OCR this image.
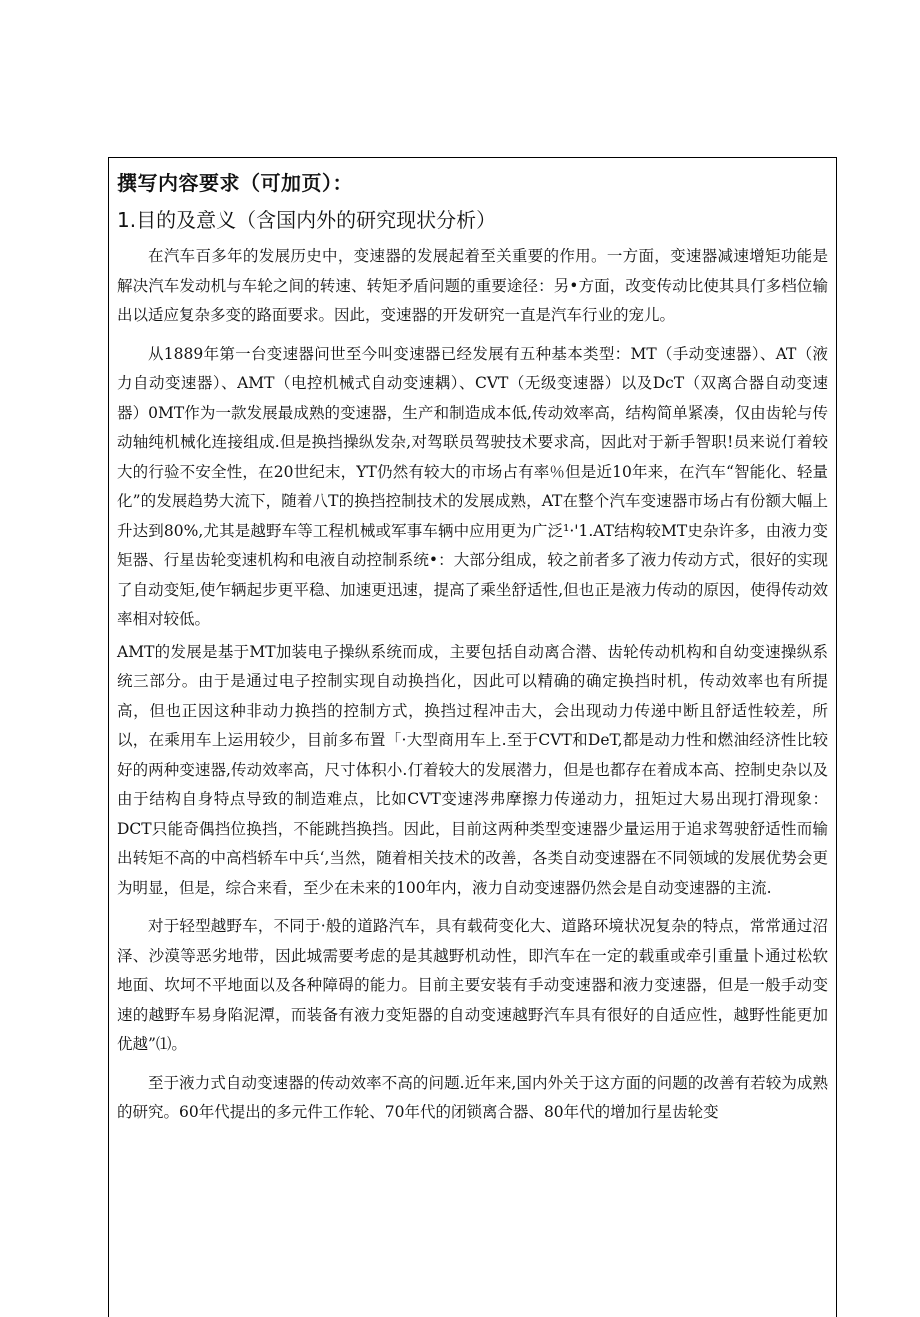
撰写内容要求（可加页）：
1.目的及意义（含国内外的研究现状分析）

在汽车百多年的发展历史中，变速器的发展起着至关重要的作用。一方面，变速器减速增矩功能是解决汽车发动机与车轮之间的转速、转矩矛盾问题的重要途径：另•方面，改变传动比使其具仃多档位输出以适应复杂多变的路面要求。因此，变速器的开发研究一直是汽车行业的宠儿。

从1889年第一台变速器问世至今叫变速器已经发展有五种基本类型：MT（手动变速器）、AT（液力自动变速器）、AMT（电控机械式自动变速耦）、CVT（无级变速器）以及DcT（双离合器自动变速器）0MT作为一款发展最成熟的变速器，生产和制造成本低,传动效率高，结构简单紧凑，仅由齿轮与传动轴纯机械化连接组成.但是换挡操纵发杂,对驾联员驾驶技术要求高，因此对于新手智职!员来说仃着较大的行验不安全性，在20世纪末，YT仍然有较大的市场占有率％但是近10年来，在汽车“智能化、轻量化”的发展趋势大流下，随着八T的换挡控制技术的发展成熟，AT在整个汽车变速器市场占有份额大幅上升达到80%,尤其是越野车等工程机械或军事车辆中应用更为广泛¹·'1.AT结构较MT史杂许多，由液力变矩器、行星齿轮变速机构和电液自动控制系统•：大部分组成，较之前者多了液力传动方式，很好的实现了自动变矩,使乍辆起步更平稳、加速更迅速，提高了乘坐舒适性,但也正是液力传动的原因，使得传动效率相对较低。

AMT的发展是基于MT加装电子操纵系统而成，主要包括自动离合潜、齿轮传动机构和自幼变速操纵系统三部分。由于是通过电子控制实现自动换挡化，因此可以精确的确定换挡时机，传动效率也有所提高，但也正因这种非动力换挡的控制方式，换挡过程冲击大，会出现动力传递中断且舒适性较差，所以，在乘用车上运用较少，目前多布置「·大型商用车上.至于CVT和DeT,都是动力性和燃油经济性比较好的两种变速器,传动效率高，尺寸体积小.仃着较大的发展潜力，但是也都存在着成本高、控制史杂以及由于结构自身特点导致的制造难点，比如CVT变速涔弗摩擦力传递动力，扭矩过大易出现打滑现象：DCT只能奇偶挡位换挡，不能跳挡换挡。因此，目前这两种类型变速器少量运用于追求驾驶舒适性而输出转矩不高的中高档轿车中兵‘,当然，随着相关技术的改善，各类自动变速器在不同领域的发展优势会更为明显，但是，综合来看，至少在未来的100年内，液力自动变速器仍然会是自动变速器的主流.

对于轻型越野车，不同于·般的道路汽车，具有载荷变化大、道路环境状况复杂的特点，常常通过沼泽、沙漠等恶劣地带，因此城需要考虑的是其越野机动性，即汽车在一定的载重或牵引重量卜通过松软地面、坎坷不平地面以及各种障碍的能力。目前主要安装有手动变速器和液力变速器，但是一般手动变速的越野车易身陷泥潭，而装备有液力变矩器的自动变速越野汽车具有很好的自适应性，越野性能更加优越”⑴。

至于液力式自动变速器的传动效率不高的问题.近年来,国内外关于这方面的问题的改善有若较为成熟的研究。60年代提出的多元件工作轮、70年代的闭锁离合器、80年代的增加行星齿轮变
